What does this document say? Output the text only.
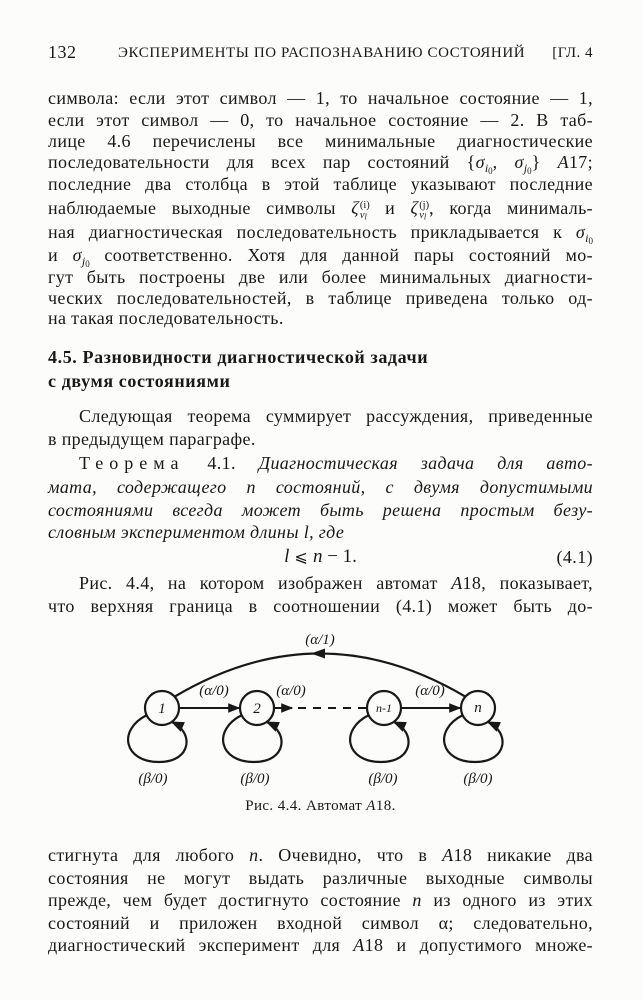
132	ЭКСПЕРИМЕНТЫ ПО РАСПОЗНАВАНИЮ СОСТОЯНИЙ [ГЛ. 4
символа: если этот символ — 1, то начальное состояние — 1,
если этот символ — 0, то начальное состояние — 2. В таб-
лице 4.6 перечислены все минимальные диагностические
последовательности для всех пар состояний {$\sigma_{i0}$, $\sigma_{j0}$} A17;
последние два столбца в этой таблице указывают последние
наблюдаемые выходные символы ζ (i)
vl и ζ (j)
vl , когда минималь-
ная диагностическая последовательность прикладывается к $\sigma_{i0}$
и $\sigma_{j0}$ соответственно. Хотя для данной пары состояний мо-
гут быть построены две или более минимальных диагности-
ческих последовательностей, в таблице приведена только од-
на такая последовательность.
4.5. Разновидности диагностической задачи
с двумя состояниями
Следующая теорема суммирует рассуждения, приведенные
в предыдущем параграфе.
Теорема 4.1. Диагностическая задача для авто-
мата, содержащего n состояний, с двумя допустимыми
состояниями всегда может быть решена простым безу-
словным экспериментом длины l, где
l ⩽ n − 1.	(4.1)
Рис. 4.4, на котором изображен автомат A18, показывает,
что верхняя граница в соотношении (4.1) может быть до-
(α/1)
(α/0)	(α/0)	(α/0)
(β/0)	(β/0)	(β/0)	(β/0)
1	2	n-1	n
Рис. 4.4. Автомат A18.
стигнута для любого n. Очевидно, что в A18 никакие два
состояния не могут выдать различные выходные символы
прежде, чем будет достигнуто состояние n из одного из этих
состояний и приложен входной символ α; следовательно,
диагностический эксперимент для A18 и допустимого множе-
